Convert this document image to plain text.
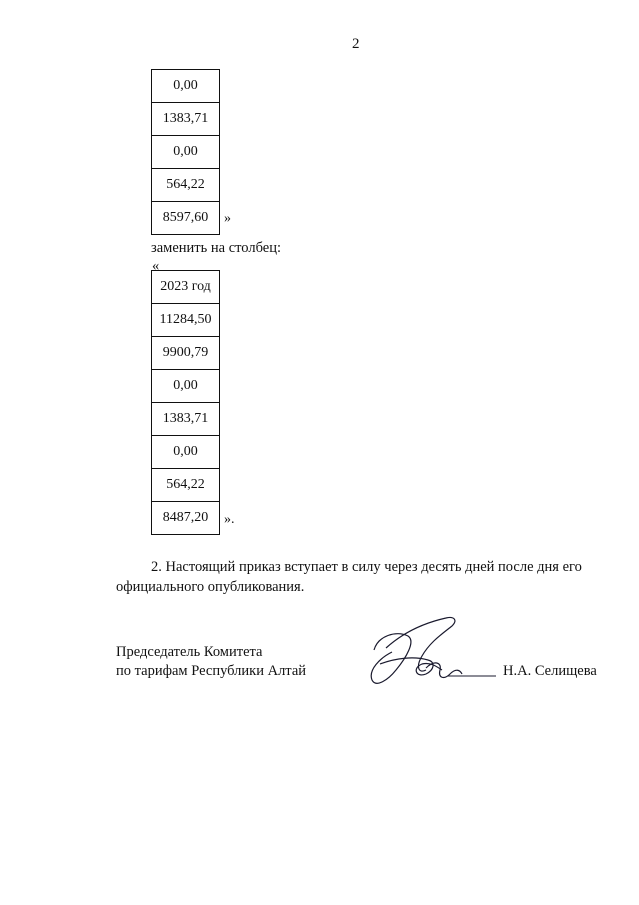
2
0,00
1383,71
0,00
564,22
8597,60 »
заменить на столбец:
«
2023 год
11284,50
9900,79
0,00
1383,71
0,00
564,22
8487,20 ».
2. Настоящий приказ вступает в силу через десять дней после дня его
официального опубликования.
Председатель Комитета
по тарифам Республики Алтай	Н.А. Селищева
